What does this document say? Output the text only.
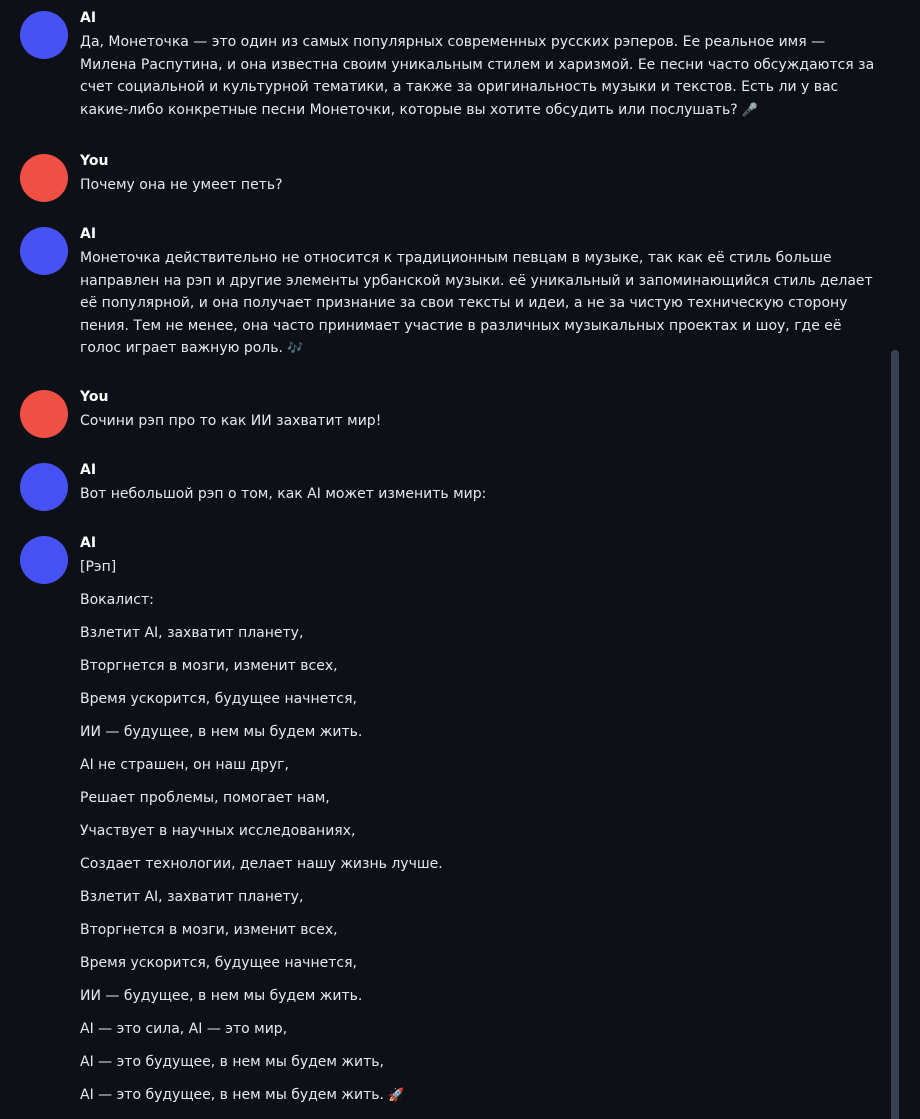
AI
Да, Монеточка — это один из самых популярных современных русских рэперов. Ее реальное имя — Милена Распутина, и она известна своим уникальным стилем и харизмой. Ее песни часто обсуждаются за счет социальной и культурной тематики, а также за оригинальность музыки и текстов. Есть ли у вас какие-либо конкретные песни Монеточки, которые вы хотите обсудить или послушать? 🎤
You
Почему она не умеет петь?
AI
Монеточка действительно не относится к традиционным певцам в музыке, так как её стиль больше направлен на рэп и другие элементы урбанской музыки. её уникальный и запоминающийся стиль делает её популярной, и она получает признание за свои тексты и идеи, а не за чистую техническую сторону пения. Тем не менее, она часто принимает участие в различных музыкальных проектах и шоу, где её голос играет важную роль. 🎶
You
Сочини рэп про то как ИИ захватит мир!
AI
Вот небольшой рэп о том, как AI может изменить мир:
AI
[Рэп]
Вокалист:
Взлетит AI, захватит планету,
Вторгнется в мозги, изменит всех,
Время ускорится, будущее начнется,
ИИ — будущее, в нем мы будем жить.
AI не страшен, он наш друг,
Решает проблемы, помогает нам,
Участвует в научных исследованиях,
Создает технологии, делает нашу жизнь лучше.
Взлетит AI, захватит планету,
Вторгнется в мозги, изменит всех,
Время ускорится, будущее начнется,
ИИ — будущее, в нем мы будем жить.
AI — это сила, AI — это мир,
AI — это будущее, в нем мы будем жить,
AI — это будущее, в нем мы будем жить. 🚀
